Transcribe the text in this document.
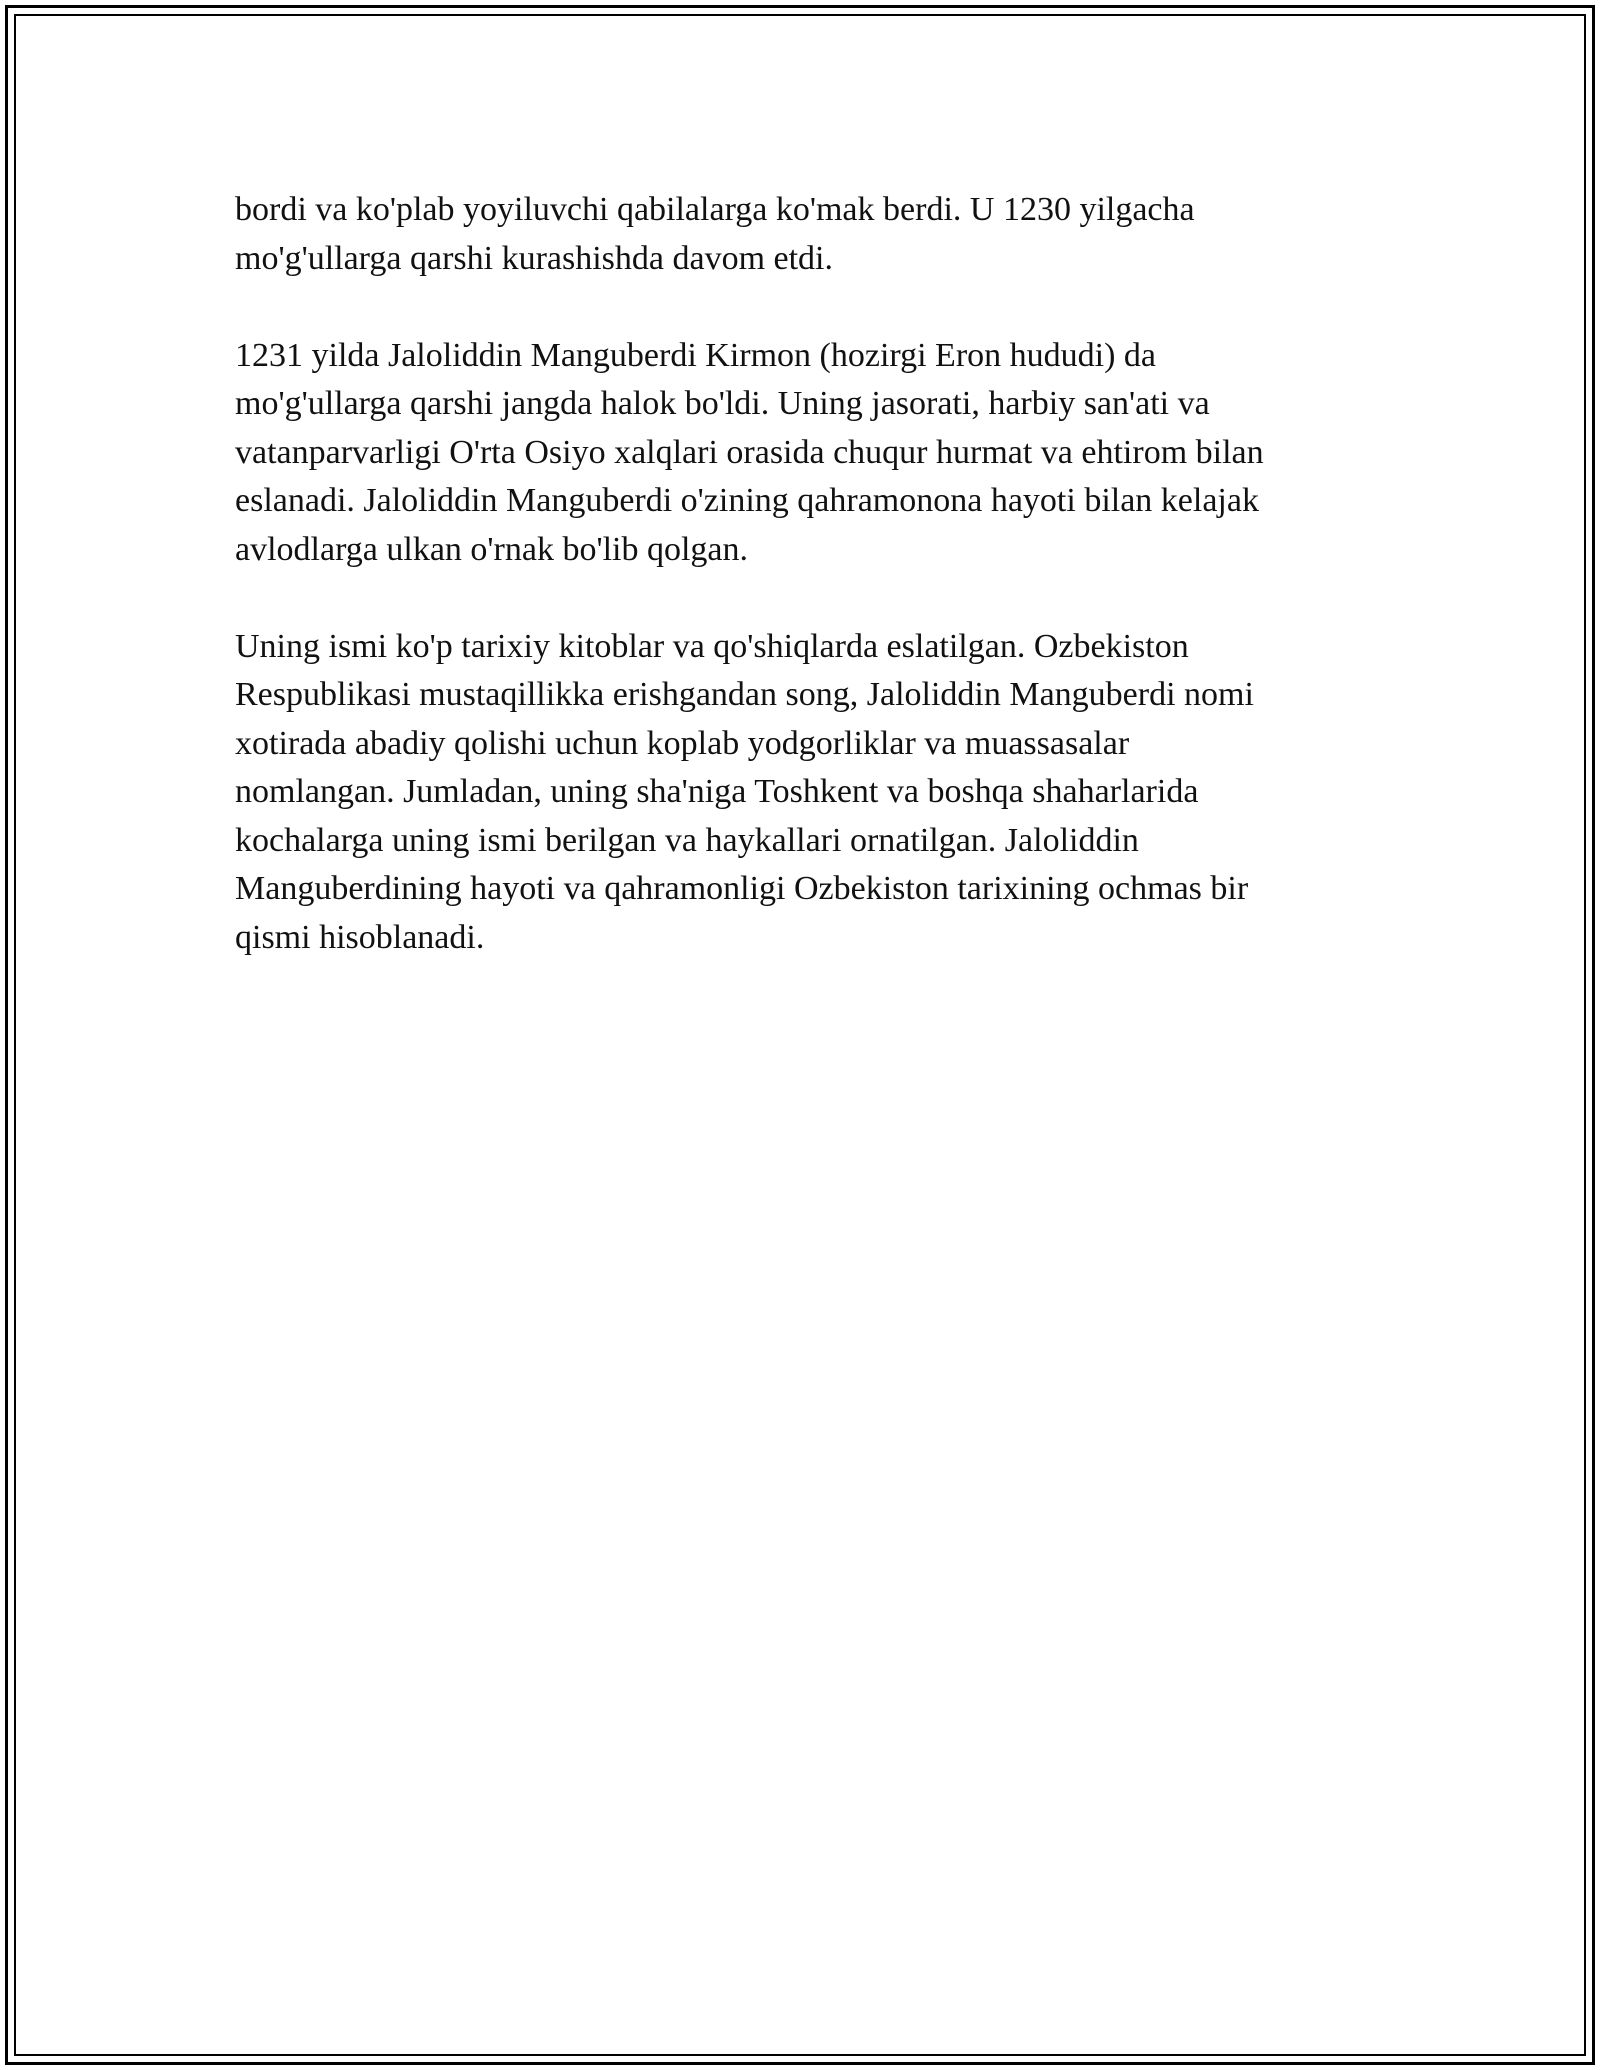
bordi va ko'plab yoyiluvchi qabilalarga ko'mak berdi. U 1230 yilgacha
mo'g'ullarga qarshi kurashishda davom etdi.

1231 yilda Jaloliddin Manguberdi Kirmon (hozirgi Eron hududi) da
mo'g'ullarga qarshi jangda halok bo'ldi. Uning jasorati, harbiy san'ati va
vatanparvarligi O'rta Osiyo xalqlari orasida chuqur hurmat va ehtirom bilan
eslanadi. Jaloliddin Manguberdi o'zining qahramononа hayoti bilan kelajak
avlodlarga ulkan o'rnak bo'lib qolgan.

Uning ismi ko'p tarixiy kitoblar va qo'shiqlarda eslatilgan. Ozbekiston
Respublikasi mustaqillikka erishgandan song, Jaloliddin Manguberdi nomi
xotirada abadiy qolishi uchun koplab yodgorliklar va muassasalar
nomlangan. Jumladan, uning sha'niga Toshkent va boshqa shaharlarida
kochalarga uning ismi berilgan va haykallari ornatilgan. Jaloliddin
Manguberdining hayoti va qahramonligi Ozbekiston tarixining ochmas bir
qismi hisoblanadi.
